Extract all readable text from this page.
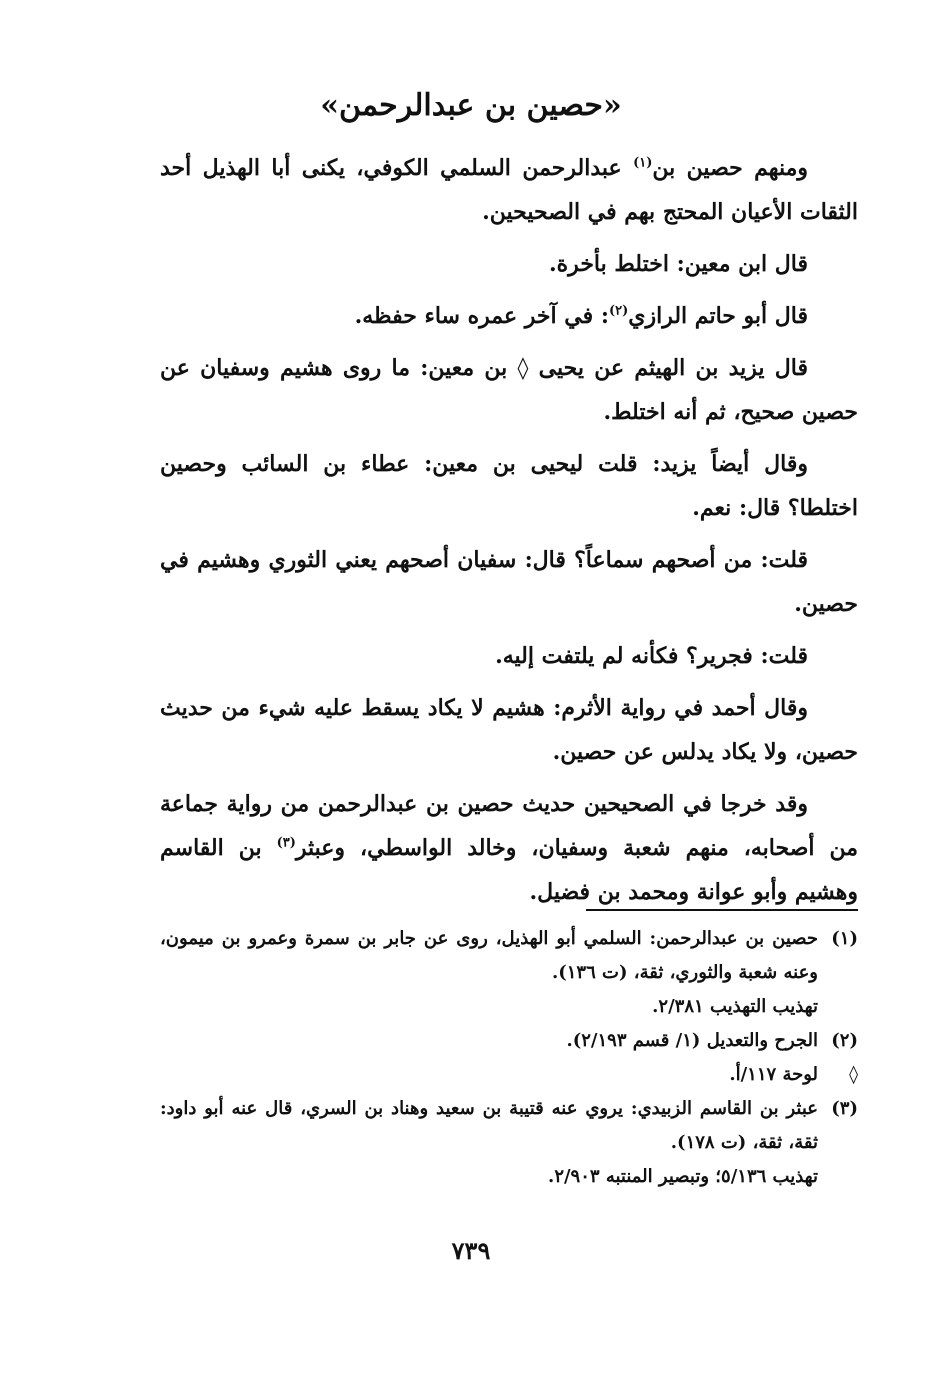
«حصين بن عبدالرحمن»

ومنهم حصين بن$^{(١)}$ عبدالرحمن السلمي الكوفي، يكنى أبا الهذيل أحد الثقات الأعيان المحتج بهم في الصحيحين.

قال ابن معين: اختلط بأخرة.

قال أبو حاتم الرازي$^{(٢)}$: في آخر عمره ساء حفظه.

قال يزيد بن الهيثم عن يحيى ◊ بن معين: ما روى هشيم وسفيان عن حصين صحيح، ثم أنه اختلط.

وقال أيضاً يزيد: قلت ليحيى بن معين: عطاء بن السائب وحصين اختلطا؟ قال: نعم.

قلت: من أصحهم سماعاً؟ قال: سفيان أصحهم يعني الثوري وهشيم في حصين.

قلت: فجرير؟ فكأنه لم يلتفت إليه.

وقال أحمد في رواية الأثرم: هشيم لا يكاد يسقط عليه شيء من حديث حصين، ولا يكاد يدلس عن حصين.

وقد خرجا في الصحيحين حديث حصين بن عبدالرحمن من رواية جماعة من أصحابه، منهم شعبة وسفيان، وخالد الواسطي، وعبثر$^{(٣)}$ بن القاسم وهشيم وأبو عوانة ومحمد بن فضيل.

(١)
حصين بن عبدالرحمن: السلمي أبو الهذيل، روى عن جابر بن سمرة وعمرو بن ميمون، وعنه شعبة والثوري، ثقة، (ت ١٣٦).
تهذيب التهذيب ٢/٣٨١.
(٢)
الجرح والتعديل (١/ قسم ٢/١٩٣).
◊
لوحة ١١٧/أ.
(٣)
عبثر بن القاسم الزبيدي: يروي عنه قتيبة بن سعيد وهناد بن السري، قال عنه أبو داود: ثقة، ثقة، (ت ١٧٨).
تهذيب ٥/١٣٦؛ وتبصير المنتبه ٢/٩٠٣.
٧٣٩
